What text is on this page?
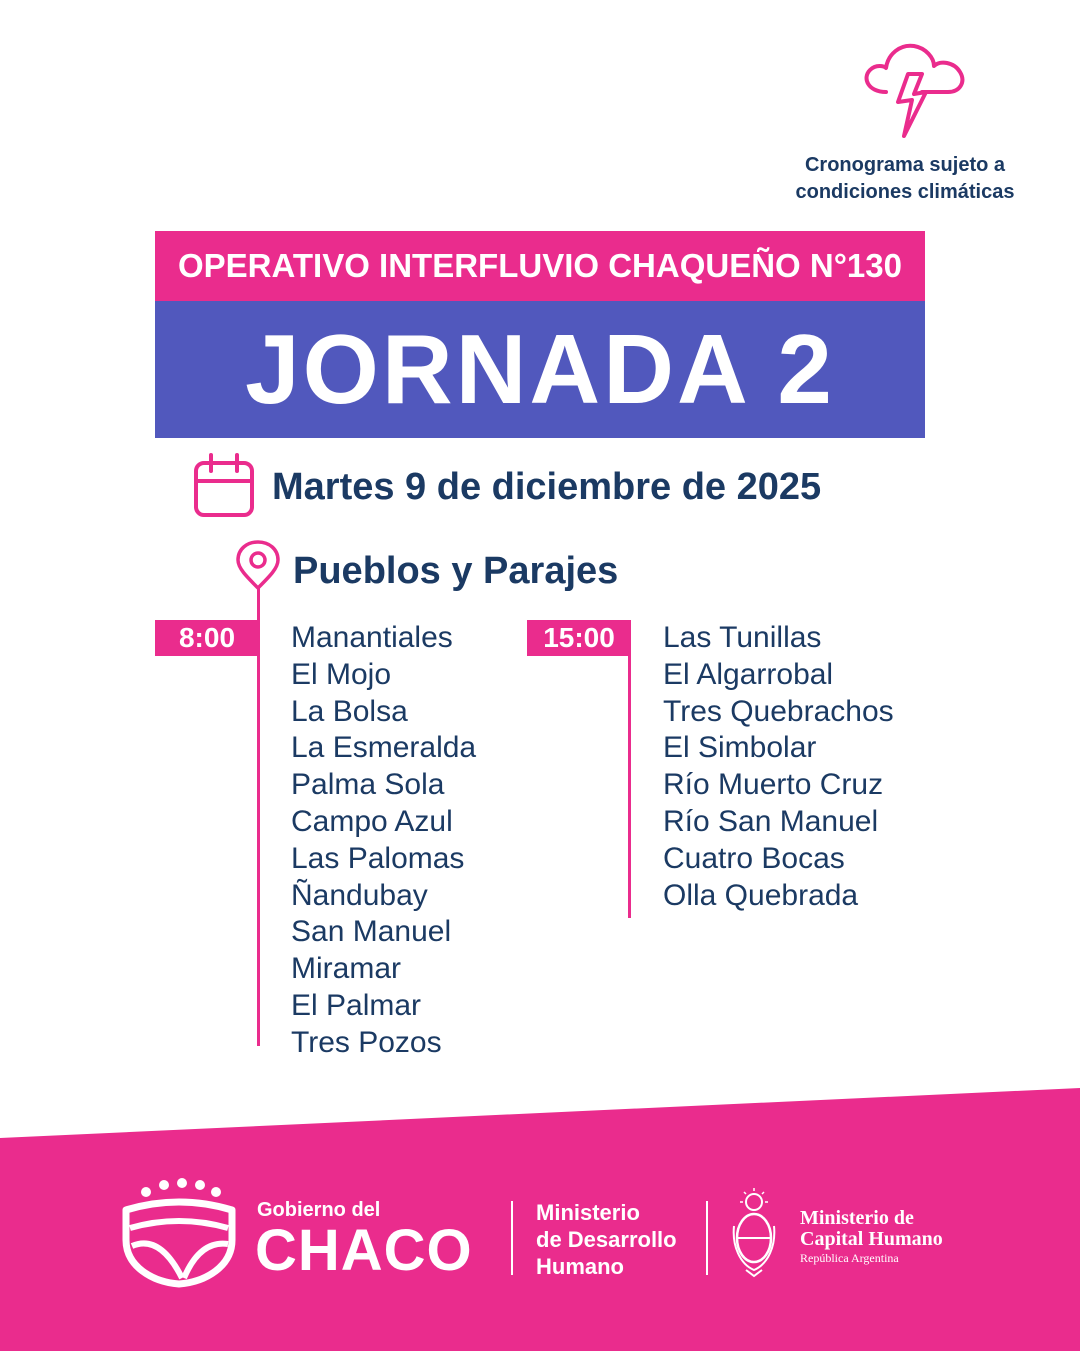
Cronograma sujeto a
condiciones climáticas
OPERATIVO INTERFLUVIO CHAQUEÑO N°130
JORNADA 2
Martes 9 de diciembre de 2025
Pueblos y Parajes
8:00 Manantiales
El Mojo
La Bolsa
La Esmeralda
Palma Sola
Campo Azul
Las Palomas
Ñandubay
San Manuel
Miramar
El Palmar
Tres Pozos
15:00 Las Tunillas
El Algarrobal
Tres Quebrachos
El Simbolar
Río Muerto Cruz
Río San Manuel
Cuatro Bocas
Olla Quebrada
Gobierno del
CHACO
Ministerio
de Desarrollo
Humano
Ministerio de
Capital Humano
República Argentina
